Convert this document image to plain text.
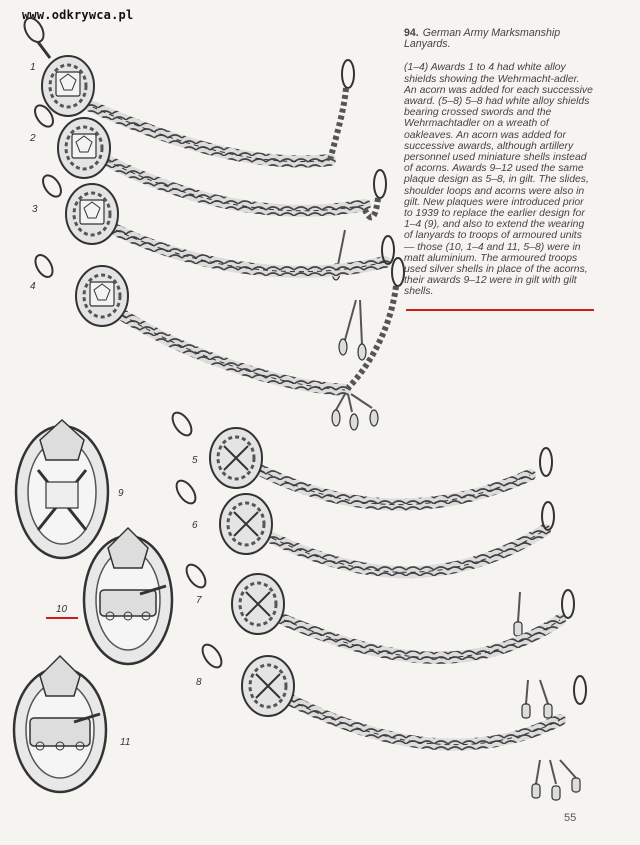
www.odkrywca.pl

94. German Army Marksmanship Lanyards.

(1–4) Awards 1 to 4 had white alloy shields showing the Wehrmacht-adler. An acorn was added for each successive award. (5–8) 5–8 had white alloy shields bearing crossed swords and the Wehrmachtadler on a wreath of oakleaves. An acorn was added for successive awards, although artillery personnel used miniature shells instead of acorns. Awards 9–12 used the same plaque design as 5–8, in gilt. The slides, shoulder loops and acorns were also in gilt. New plaques were introduced prior to 1939 to replace the earlier design for 1–4 (9), and also to extend the wearing of lanyards to troops of armoured units — those (10, 1–4 and 11, 5–8) were in matt aluminium. The armoured troops used silver shells in place of the acorns, their awards 9–12 were in gilt with gilt shells.

1
2
3
4
5
6
7
8
9
10
11
55
